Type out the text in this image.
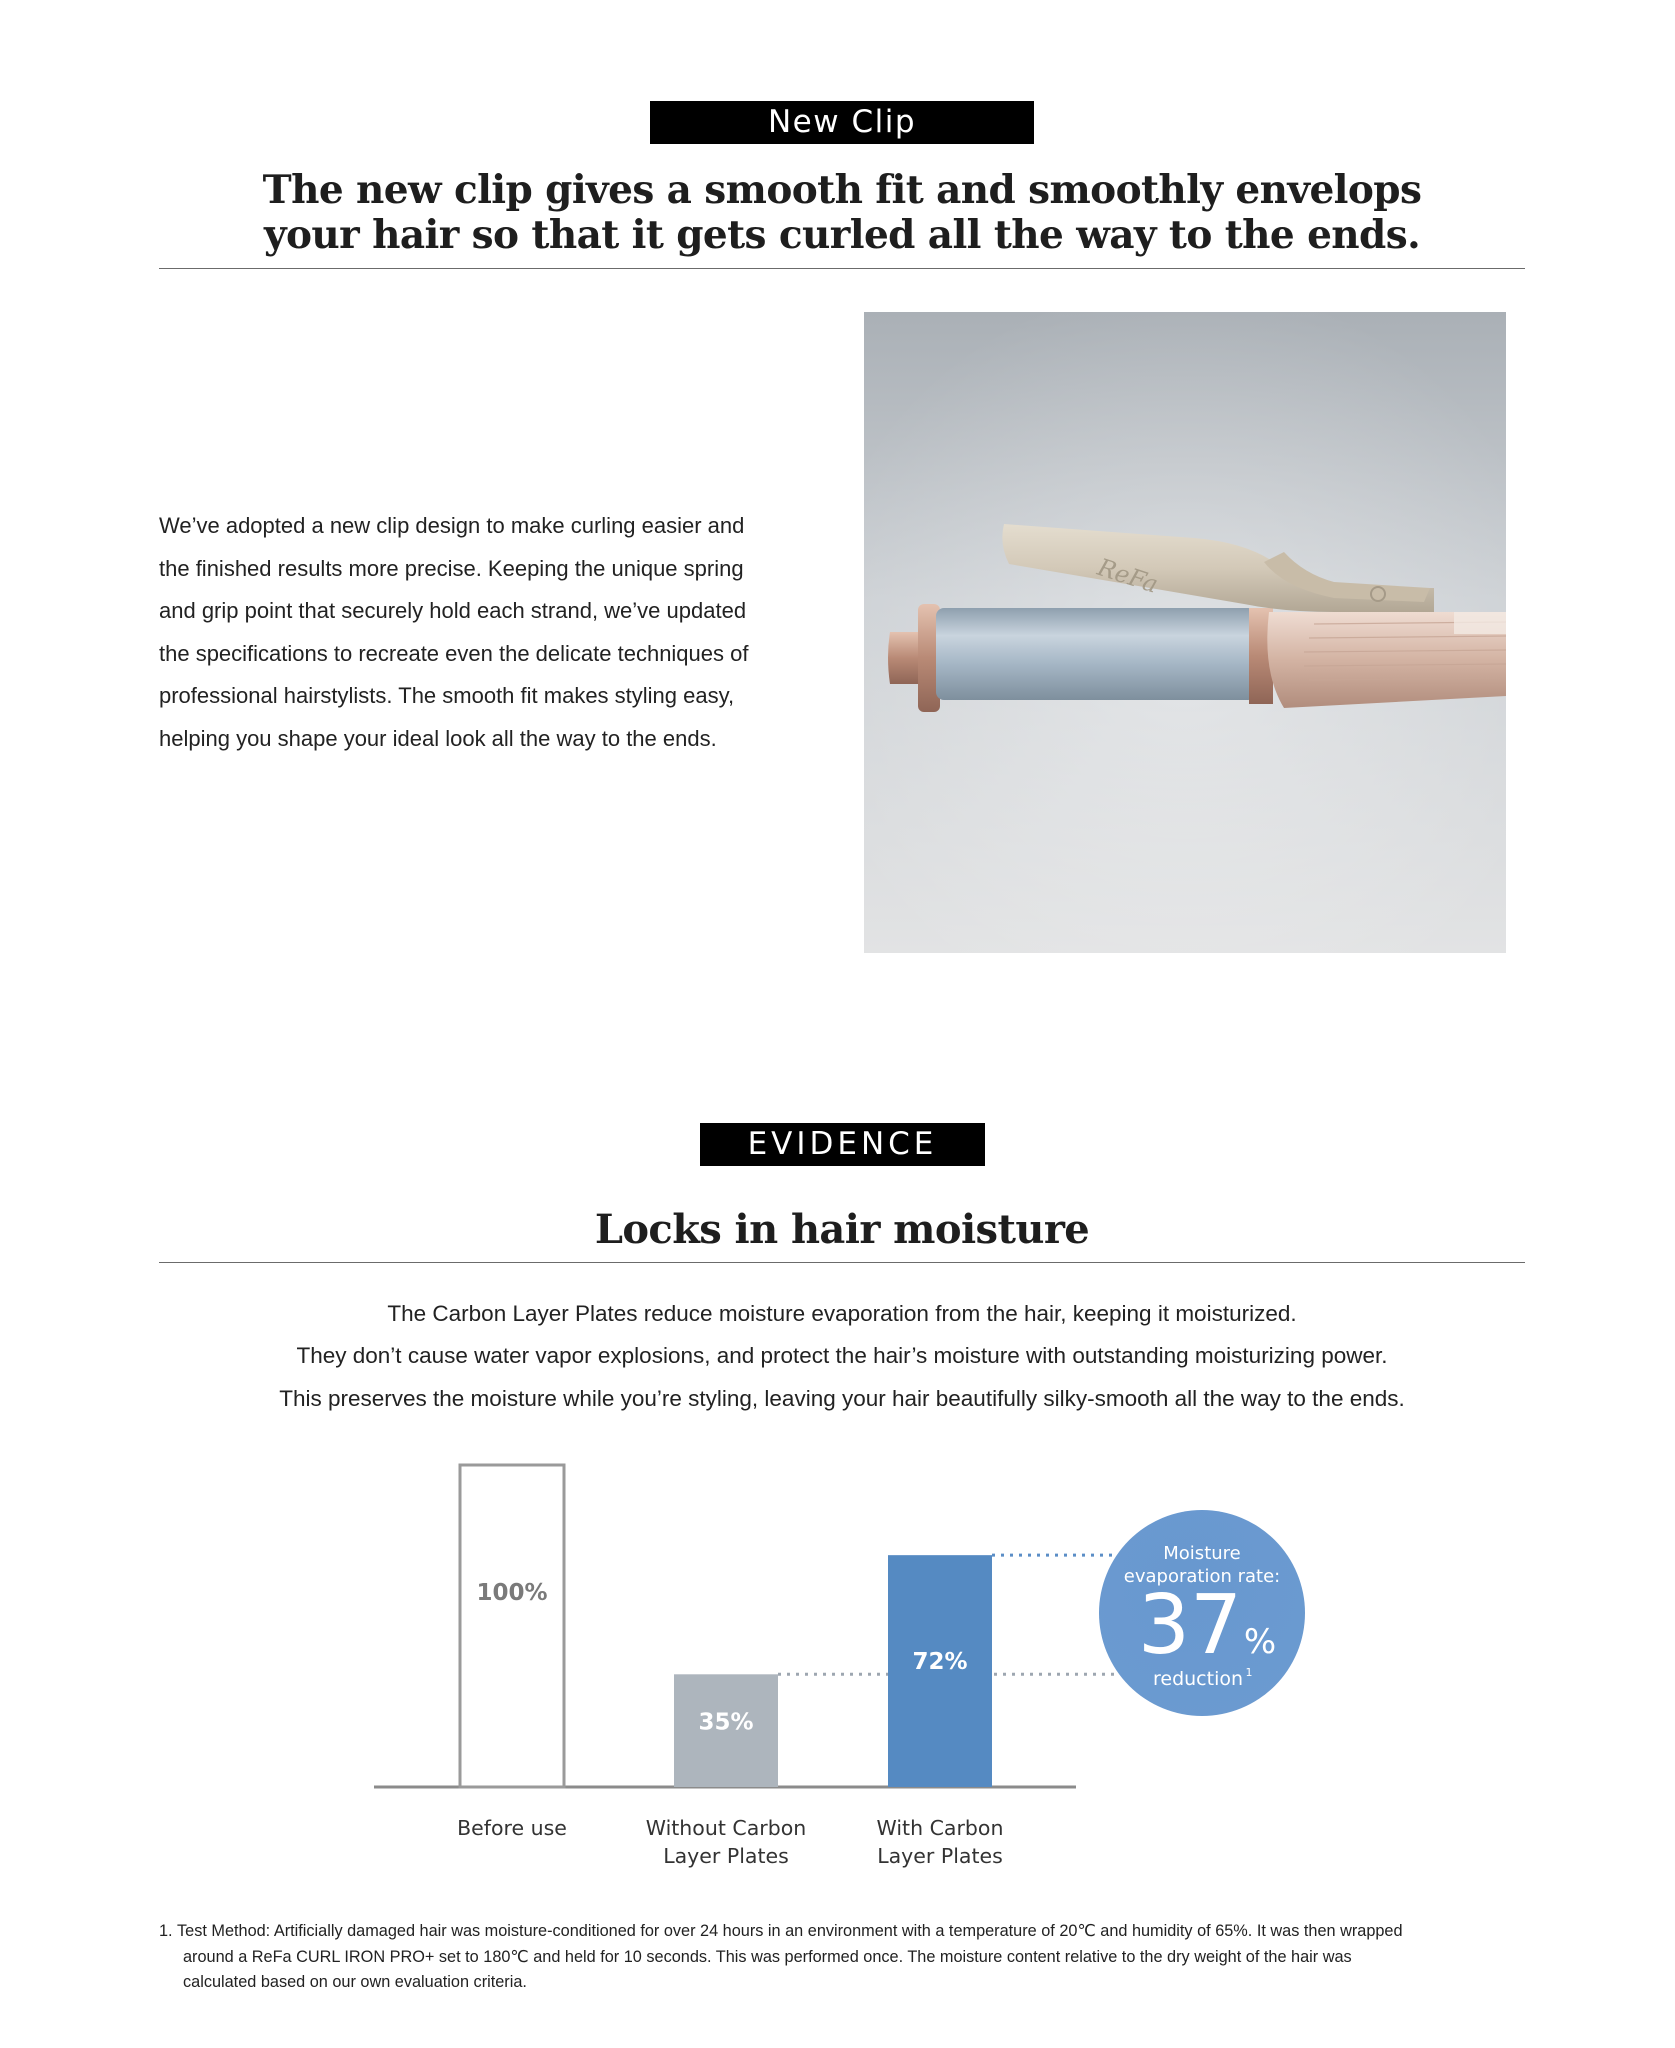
New Clip
The new clip gives a smooth fit and smoothly envelops
your hair so that it gets curled all the way to the ends.

We’ve adopted a new clip design to make curling easier and
the finished results more precise. Keeping the unique spring
and grip point that securely hold each strand, we’ve updated
the specifications to recreate even the delicate techniques of
professional hairstylists. The smooth fit makes styling easy,
helping you shape your ideal look all the way to the ends.

ReFa
EVIDENCE
Locks in hair moisture

The Carbon Layer Plates reduce moisture evaporation from the hair, keeping it moisturized.

They don’t cause water vapor explosions, and protect the hair’s moisture with outstanding moisturizing power.

This preserves the moisture while you’re styling, leaving your hair beautifully silky-smooth all the way to the ends.

100%
35%
72%
Before use	Without Carbon
Layer Plates
With Carbon
Layer Plates
Moisture
evaporation rate:
37 %
reduction 1
1. Test Method: Artificially damaged hair was moisture-conditioned for over 24 hours in an environment with a temperature of 20℃ and humidity of 65%. It was then wrapped
around a ReFa CURL IRON PRO+ set to 180℃ and held for 10 seconds. This was performed once. The moisture content relative to the dry weight of the hair was
calculated based on our own evaluation criteria.
